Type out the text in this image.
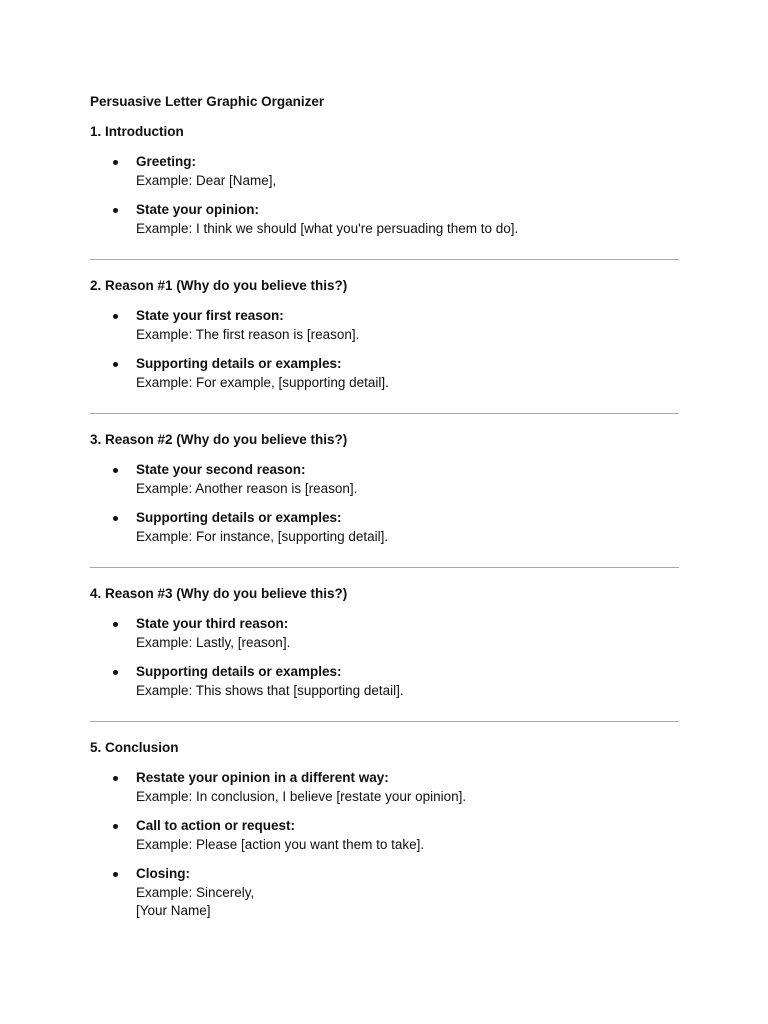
Persuasive Letter Graphic Organizer
1. Introduction
Greeting:
Example: Dear [Name],
State your opinion:
Example: I think we should [what you're persuading them to do].
2. Reason #1 (Why do you believe this?)
State your first reason:
Example: The first reason is [reason].
Supporting details or examples:
Example: For example, [supporting detail].
3. Reason #2 (Why do you believe this?)
State your second reason:
Example: Another reason is [reason].
Supporting details or examples:
Example: For instance, [supporting detail].
4. Reason #3 (Why do you believe this?)
State your third reason:
Example: Lastly, [reason].
Supporting details or examples:
Example: This shows that [supporting detail].
5. Conclusion
Restate your opinion in a different way:
Example: In conclusion, I believe [restate your opinion].
Call to action or request:
Example: Please [action you want them to take].
Closing:
Example: Sincerely,
[Your Name]
